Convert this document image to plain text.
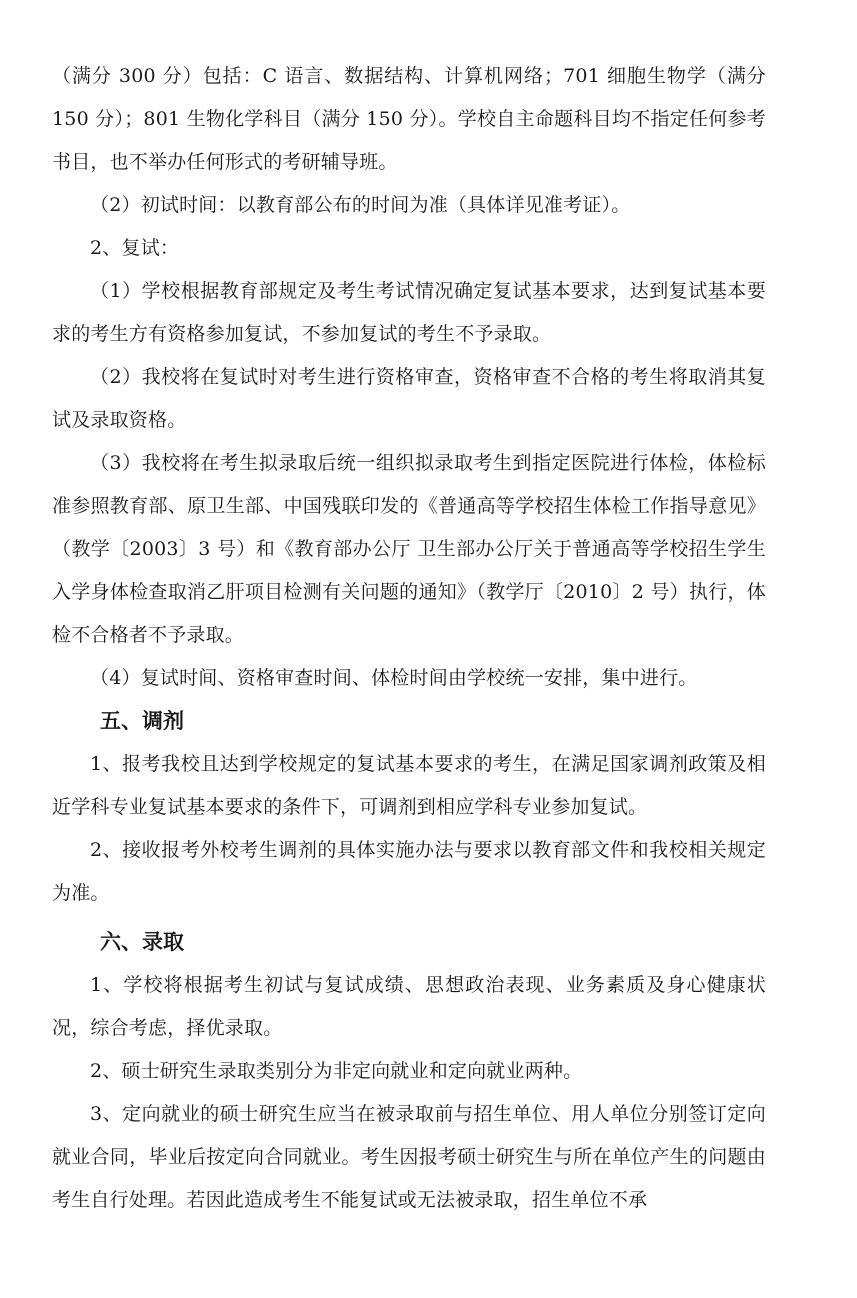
（满分 300 分）包括：C 语言、数据结构、计算机网络；701 细胞生物学（满分 150 分）；801 生物化学科目（满分 150 分）。学校自主命题科目均不指定任何参考书目，也不举办任何形式的考研辅导班。

（2）初试时间：以教育部公布的时间为准（具体详见准考证）。

2、复试：

（1）学校根据教育部规定及考生考试情况确定复试基本要求，达到复试基本要求的考生方有资格参加复试，不参加复试的考生不予录取。

（2）我校将在复试时对考生进行资格审查，资格审查不合格的考生将取消其复试及录取资格。

（3）我校将在考生拟录取后统一组织拟录取考生到指定医院进行体检，体检标准参照教育部、原卫生部、中国残联印发的《普通高等学校招生体检工作指导意见》（教学〔2003〕3 号）和《教育部办公厅 卫生部办公厅关于普通高等学校招生学生入学身体检查取消乙肝项目检测有关问题的通知》（教学厅〔2010〕2 号）执行，体检不合格者不予录取。

（4）复试时间、资格审查时间、体检时间由学校统一安排，集中进行。

五、调剂

1、报考我校且达到学校规定的复试基本要求的考生，在满足国家调剂政策及相近学科专业复试基本要求的条件下，可调剂到相应学科专业参加复试。

2、接收报考外校考生调剂的具体实施办法与要求以教育部文件和我校相关规定为准。

六、录取

1、学校将根据考生初试与复试成绩、思想政治表现、业务素质及身心健康状况，综合考虑，择优录取。

2、硕士研究生录取类别分为非定向就业和定向就业两种。

3、定向就业的硕士研究生应当在被录取前与招生单位、用人单位分别签订定向就业合同，毕业后按定向合同就业。考生因报考硕士研究生与所在单位产生的问题由考生自行处理。若因此造成考生不能复试或无法被录取，招生单位不承
